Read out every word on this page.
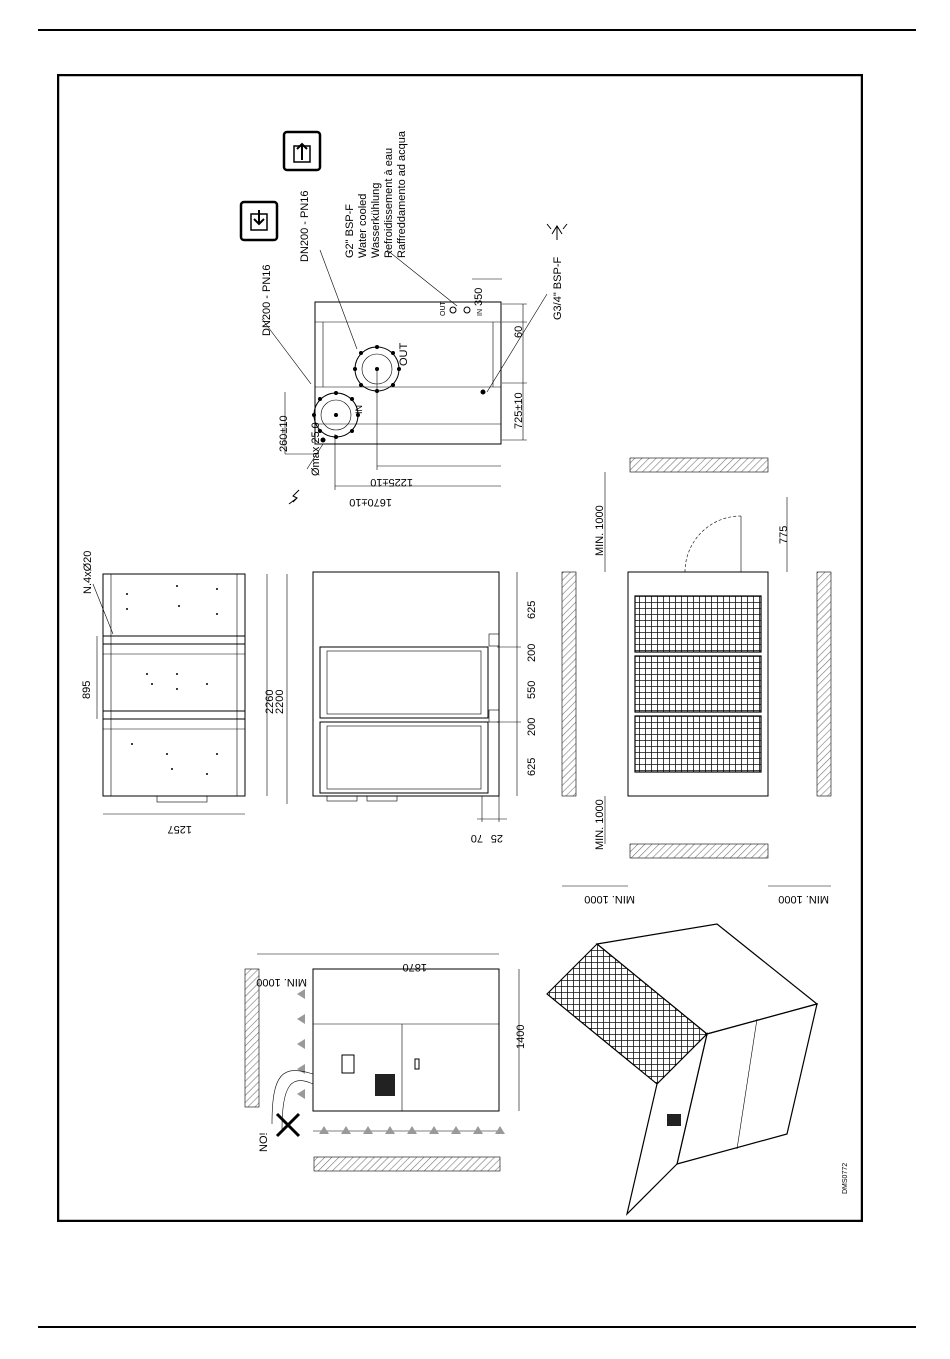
OUT
IN
OUT	IN
350
60
725±10
260±10
1225±10
1670±10
Ømax 25.0
DN200 - PN16
DN200 - PN16	G2" BSP-F Water cooled Wasserkühlung Refroidissement à eau Raffreddamento ad acqua
G3/4" BSP-F
N.4xØ20
895	2260
2200
1257
625
200
550
200
625
25
70
MIN. 1000	775
MIN. 1000
MIN. 1000	MIN. 1000
NO!
MIN. 1000
1870
1400
DMS0772
